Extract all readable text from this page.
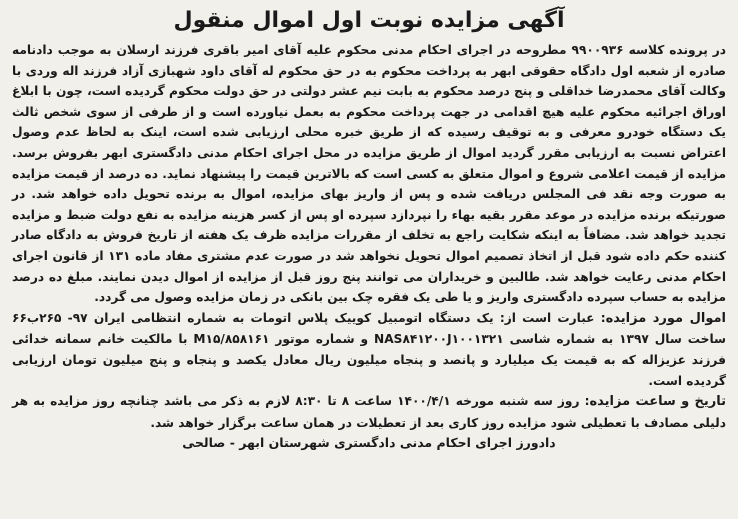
آگهی مزایده نوبت اول اموال منقول

در پرونده کلاسه ۹۹۰۰۹۳۶ مطروحه در اجرای احکام مدنی محکوم علیه آقای امیر باقری فرزند ارسلان به موجب دادنامه صادره از شعبه اول دادگاه حقوقی ابهر به پرداخت محکوم به در حق محکوم له آقای داود شهبازی آزاد فرزند اله وردی با وکالت آقای محمدرضا خداقلی و پنج درصد محکوم به بابت نیم عشر دولتی در حق دولت محکوم گردیده است، چون با ابلاغ اوراق اجرائیه محکوم علیه هیچ اقدامی در جهت پرداخت محکوم به بعمل نیاورده است و از طرفی از سوی شخص ثالث یک دستگاه خودرو معرفی و به توقیف رسیده که از طریق خبره محلی ارزیابی شده است، اینک به لحاظ عدم وصول اعتراض نسبت به ارزیابی مقرر گردید اموال از طریق مزایده در محل اجرای احکام مدنی دادگستری ابهر بفروش برسد. مزایده از قیمت اعلامی شروع و اموال متعلق به کسی است که بالاترین قیمت را پیشنهاد نماید. ده درصد از قیمت مزایده به صورت وجه نقد فی المجلس دریافت شده و پس از واریز بهای مزایده، اموال به برنده تحویل داده خواهد شد. در صورتیکه برنده مزایده در موعد مقرر بقیه بهاء را نپردازد سپرده او پس از کسر هزینه مزایده به نفع دولت ضبط و مزایده تجدید خواهد شد. مضافاً به اینکه شکایت راجع به تخلف از مقررات مزایده ظرف یک هفته از تاریخ فروش به دادگاه صادر کننده حکم داده شود قبل از اتخاذ تصمیم اموال تحویل نخواهد شد در صورت عدم مشتری مفاد ماده ۱۳۱ از قانون اجرای احکام مدنی رعایت خواهد شد. طالبین و خریداران می توانند پنج روز قبل از مزایده از اموال دیدن نمایند. مبلغ ده درصد مزایده به حساب سپرده دادگستری واریز و یا طی یک فقره چک بین بانکی در زمان مزایده وصول می گردد.

اموال مورد مزایده: عبارت است از: یک دستگاه اتومبیل کوییک پلاس اتومات به شماره انتظامی ایران ۹۷- ۲۶۵ب۶۶ ساخت سال ۱۳۹۷ به شماره شاسی NAS۸۴۱۲۰۰J۱۰۰۱۳۲۱ و شماره موتور M۱۵/۸۵۸۱۶۱ با مالکیت خانم سمانه خدائی فرزند عزیزاله که به قیمت یک میلیارد و پانصد و پنجاه میلیون ریال معادل یکصد و پنجاه و پنج میلیون تومان ارزیابی گردیده است.

تاریخ و ساعت مزایده: روز سه شنبه مورخه ۱۴۰۰/۴/۱ ساعت ۸ تا ۸:۳۰ لازم به ذکر می باشد چنانچه روز مزایده به هر دلیلی مصادف با تعطیلی شود مزایده روز کاری بعد از تعطیلات در همان ساعت برگزار خواهد شد.

دادورز اجرای احکام مدنی دادگستری شهرستان ابهر - صالحی
